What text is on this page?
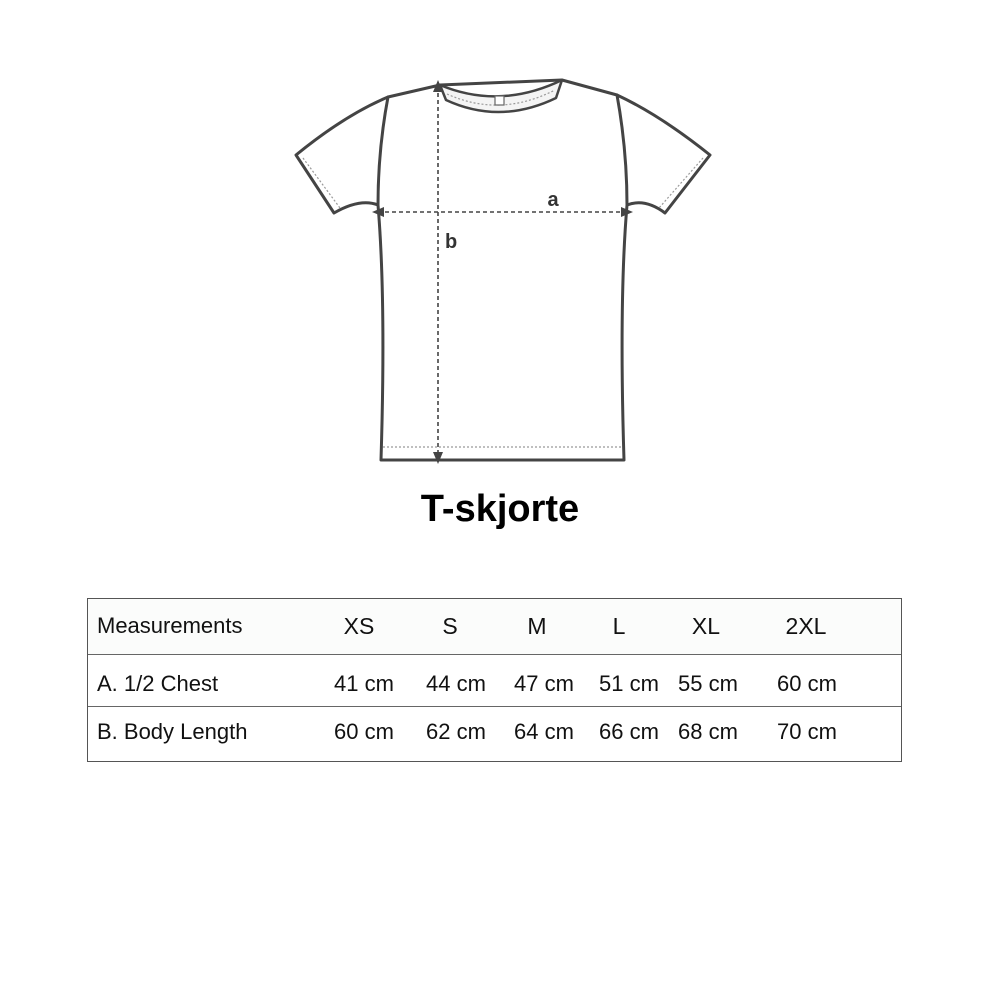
a
b
T-skjorte
Measurements	XS	S	M	L	XL	2XL
A. 1/2 Chest	41 cm 44 cm 47 cm 51 cm 55 cm 60 cm
B. Body Length	60 cm 62 cm 64 cm 66 cm 68 cm 70 cm
